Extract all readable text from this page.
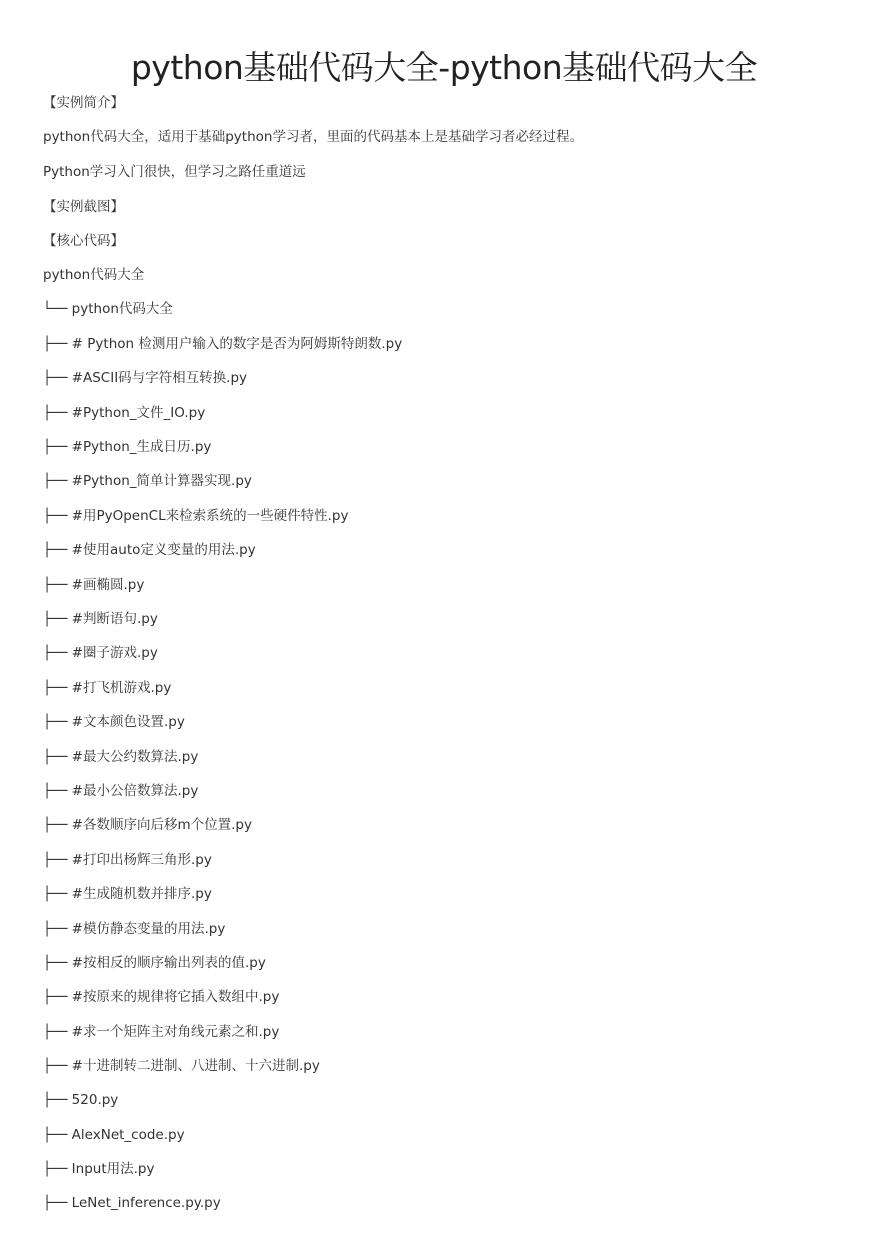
python基础代码大全-python基础代码大全
【实例简介】
python代码大全，适用于基础python学习者，里面的代码基本上是基础学习者必经过程。
Python学习入门很快，但学习之路任重道远
【实例截图】
【核心代码】
python代码大全
└── python代码大全
├── # Python 检测用户输入的数字是否为阿姆斯特朗数.py
├── #ASCII码与字符相互转换.py
├── #Python_文件_IO.py
├── #Python_生成日历.py
├── #Python_简单计算器实现.py
├── #用PyOpenCL来检索系统的一些硬件特性.py
├── #使用auto定义变量的用法.py
├── #画椭圆.py
├── #判断语句.py
├── #圈子游戏.py
├── #打飞机游戏.py
├── #文本颜色设置.py
├── #最大公约数算法.py
├── #最小公倍数算法.py
├── #各数顺序向后移m个位置.py
├── #打印出杨辉三角形.py
├── #生成随机数并排序.py
├── #模仿静态变量的用法.py
├── #按相反的顺序输出列表的值.py
├── #按原来的规律将它插入数组中.py
├── #求一个矩阵主对角线元素之和.py
├── #十进制转二进制、八进制、十六进制.py
├── 520.py
├── AlexNet_code.py
├── Input用法.py
├── LeNet_inference.py.py
